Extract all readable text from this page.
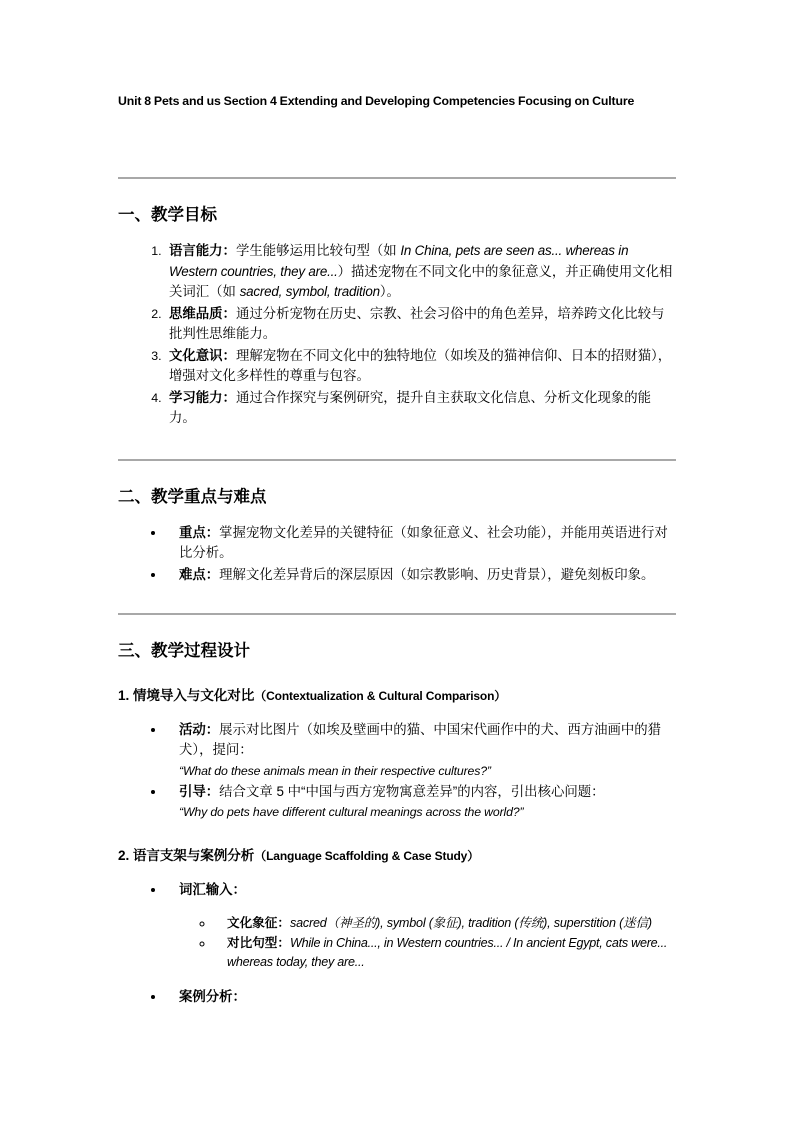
Unit 8 Pets and us Section 4 Extending and Developing Competencies Focusing on Culture

一、教学目标
1. 语言能力：学生能够运用比较句型（如 In China, pets are seen as... whereas in Western countries, they are...）描述宠物在不同文化中的象征意义，并正确使用文化相关词汇（如 sacred, symbol, tradition）。
2. 思维品质：通过分析宠物在历史、宗教、社会习俗中的角色差异，培养跨文化比较与批判性思维能力。
3. 文化意识：理解宠物在不同文化中的独特地位（如埃及的猫神信仰、日本的招财猫），增强对文化多样性的尊重与包容。
4. 学习能力：通过合作探究与案例研究，提升自主获取文化信息、分析文化现象的能力。
二、教学重点与难点
• 重点：掌握宠物文化差异的关键特征（如象征意义、社会功能），并能用英语进行对比分析。
• 难点：理解文化差异背后的深层原因（如宗教影响、历史背景），避免刻板印象。
三、教学过程设计
1. 情境导入与文化对比（Contextualization & Cultural Comparison）
• 活动：展示对比图片（如埃及壁画中的猫、中国宋代画作中的犬、西方油画中的猎犬），提问：
“What do these animals mean in their respective cultures?”
• 引导：结合文章 5 中“中国与西方宠物寓意差异”的内容，引出核心问题：
“Why do pets have different cultural meanings across the world?”
2. 语言支架与案例分析（Language Scaffolding & Case Study）
• 词汇输入：
◦ 文化象征：sacred（神圣的), symbol (象征), tradition (传统), superstition (迷信)
◦ 对比句型：While in China..., in Western countries... / In ancient Egypt, cats were... whereas today, they are...
• 案例分析：
